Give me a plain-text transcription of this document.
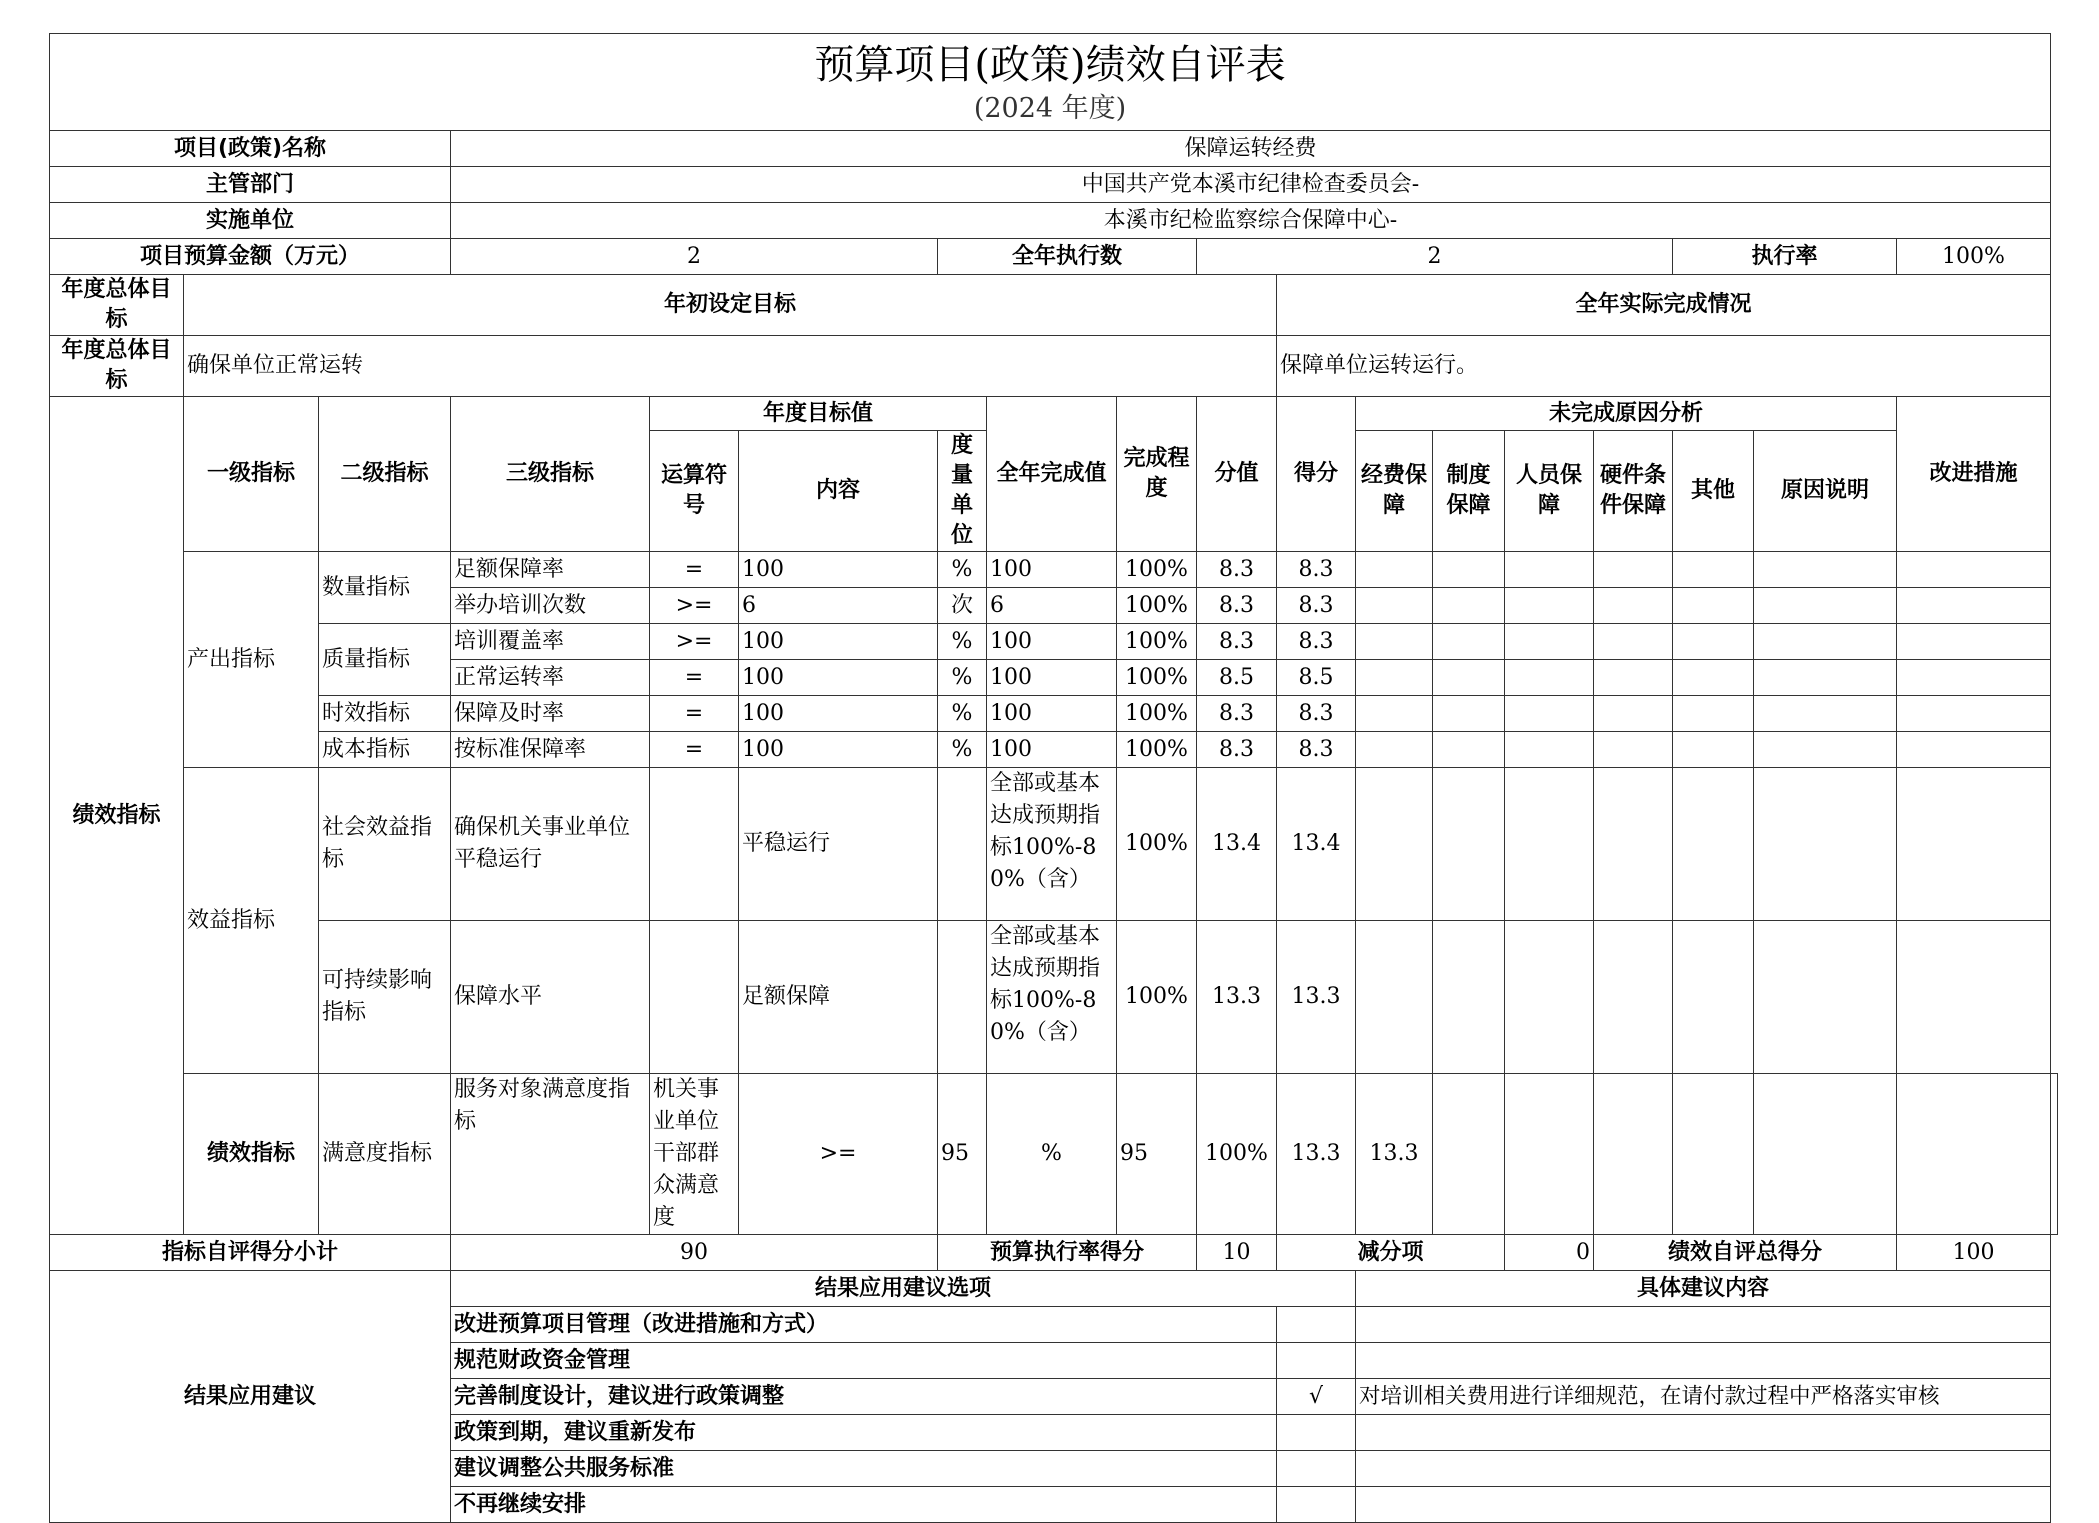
预算项目(政策)绩效自评表
(2024 年度)																		

项目(政策)名称			保障运转经费															
主管部门			中国共产党本溪市纪律检查委员会-															
实施单位			本溪市纪检监察综合保障中心-															
项目预算金额（万元）			2			全年执行数			2						执行率		100%	
年度总体目标	年初设定目标									全年实际完成情况								
年度总体目标	确保单位正常运转									保障单位运转运行。								
绩效指标	一级指标	二级指标	三级指标	年度目标值			全年完成值	完成程度	分值	得分	未完成原因分析						改进措施	
				运算符号	内容	度量单位					经费保障	制度保障	人员保障	硬件条件保障	其他	原因说明		
	产出指标	数量指标	足额保障率	=	100	%	100	100%	8.3	8.3								
			举办培训次数	>=	6	次	6	100%	8.3	8.3								
		质量指标	培训覆盖率	>=	100	%	100	100%	8.3	8.3								
			正常运转率	=	100	%	100	100%	8.5	8.5								
		时效指标	保障及时率	=	100	%	100	100%	8.3	8.3								
		成本指标	按标准保障率	=	100	%	100	100%	8.3	8.3								
	效益指标	社会效益指标	确保机关事业单位平稳运行		平稳运行		全部或基本达成预期指标100%-80%（含）	100%	13.4	13.4								
		可持续影响指标	保障水平		足额保障		全部或基本达成预期指标100%-80%（含）	100%	13.3	13.3								
	绩效指标	满意度指标	服务对象满意度指标	机关事业单位干部群众满意度	>=	95	%	95	100%	13.3	13.3							
指标自评得分小计			90			预算执行率得分			10	减分项			0	绩效自评总得分			100	
结果应用建议			结果应用建议选项								具体建议内容							
			改进预算项目管理（改进措施和方式）															
			规范财政资金管理															
			完善制度设计，建议进行政策调整							√	对培训相关费用进行详细规范，在请付款过程中严格落实审核							
			政策到期，建议重新发布															
			建议调整公共服务标准															
			不再继续安排															
